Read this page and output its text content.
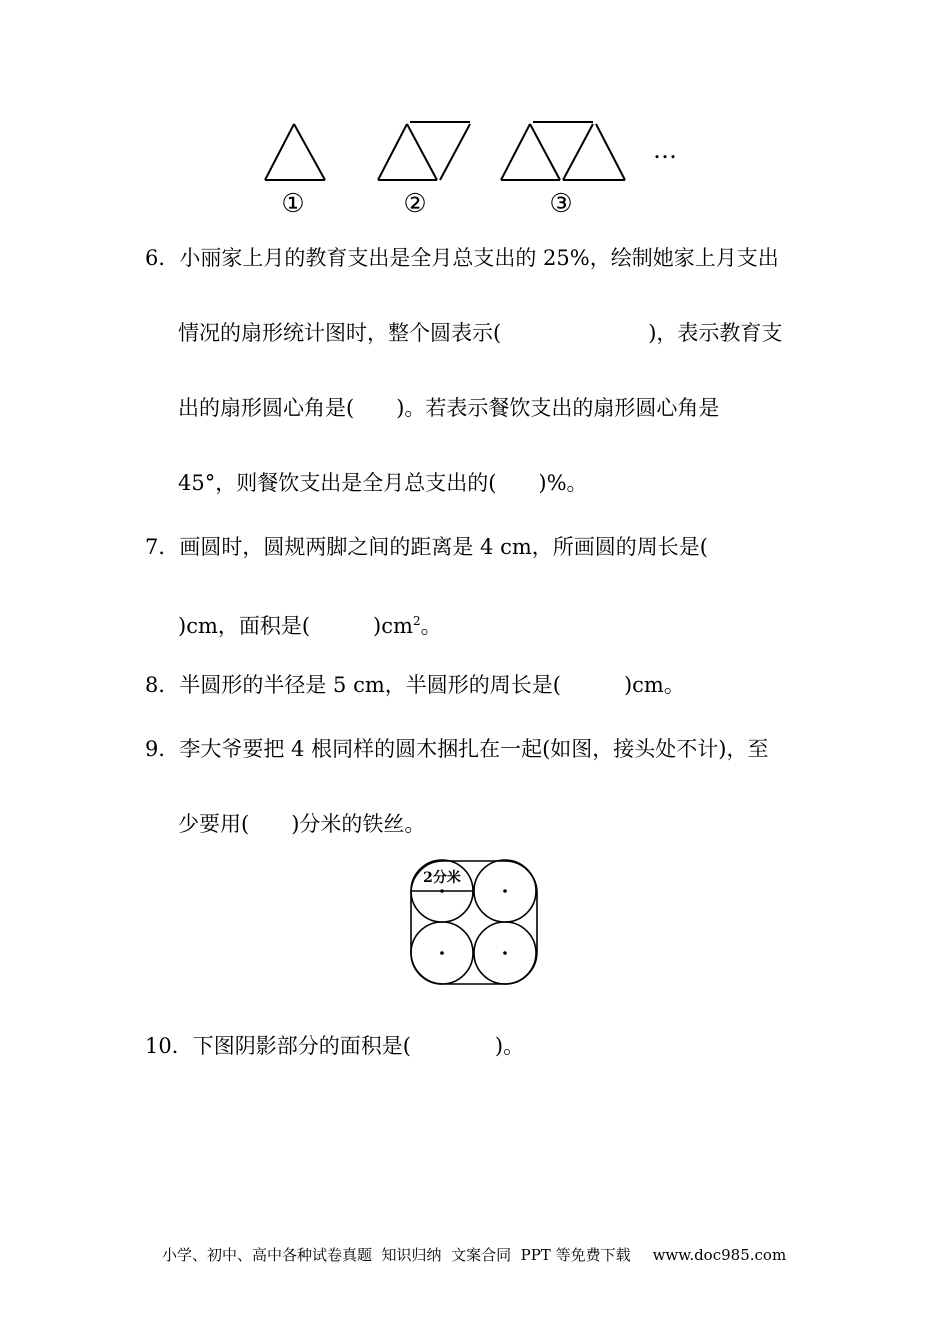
①	②	③
…
6．小丽家上月的教育支出是全月总支出的 25%，绘制她家上月支出
情况的扇形统计图时，整个圆表示(　　　　　　　)，表示教育支
出的扇形圆心角是(　　)。若表示餐饮支出的扇形圆心角是
45°，则餐饮支出是全月总支出的(　　)%。
7．画圆时，圆规两脚之间的距离是 4 cm，所画圆的周长是(
)cm，面积是(　　　)$cm^2$。
8．半圆形的半径是 5 cm，半圆形的周长是(　　　)cm。
9．李大爷要把 4 根同样的圆木捆扎在一起(如图，接头处不计)，至
少要用(　　)分米的铁丝。
2分米
10．下图阴影部分的面积是(　　　　)。
小学、初中、高中各种试卷真题  知识归纳  文案合同  PPT 等免费下载 www.doc985.com
